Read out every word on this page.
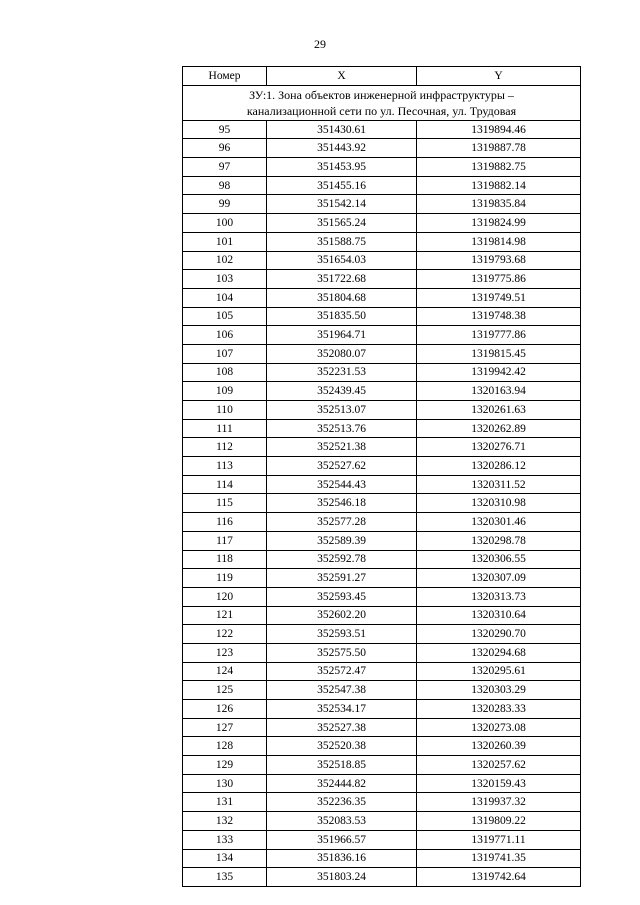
29
Номер	X	Y

ЗУ:1. Зона объектов инженерной инфраструктуры –
канализационной сети по ул. Песочная, ул. Трудовая		

95	351430.61	1319894.46
96	351443.92	1319887.78
97	351453.95	1319882.75
98	351455.16	1319882.14
99	351542.14	1319835.84
100	351565.24	1319824.99
101	351588.75	1319814.98
102	351654.03	1319793.68
103	351722.68	1319775.86
104	351804.68	1319749.51
105	351835.50	1319748.38
106	351964.71	1319777.86
107	352080.07	1319815.45
108	352231.53	1319942.42
109	352439.45	1320163.94
110	352513.07	1320261.63
111	352513.76	1320262.89
112	352521.38	1320276.71
113	352527.62	1320286.12
114	352544.43	1320311.52
115	352546.18	1320310.98
116	352577.28	1320301.46
117	352589.39	1320298.78
118	352592.78	1320306.55
119	352591.27	1320307.09
120	352593.45	1320313.73
121	352602.20	1320310.64
122	352593.51	1320290.70
123	352575.50	1320294.68
124	352572.47	1320295.61
125	352547.38	1320303.29
126	352534.17	1320283.33
127	352527.38	1320273.08
128	352520.38	1320260.39
129	352518.85	1320257.62
130	352444.82	1320159.43
131	352236.35	1319937.32
132	352083.53	1319809.22
133	351966.57	1319771.11
134	351836.16	1319741.35
135	351803.24	1319742.64
